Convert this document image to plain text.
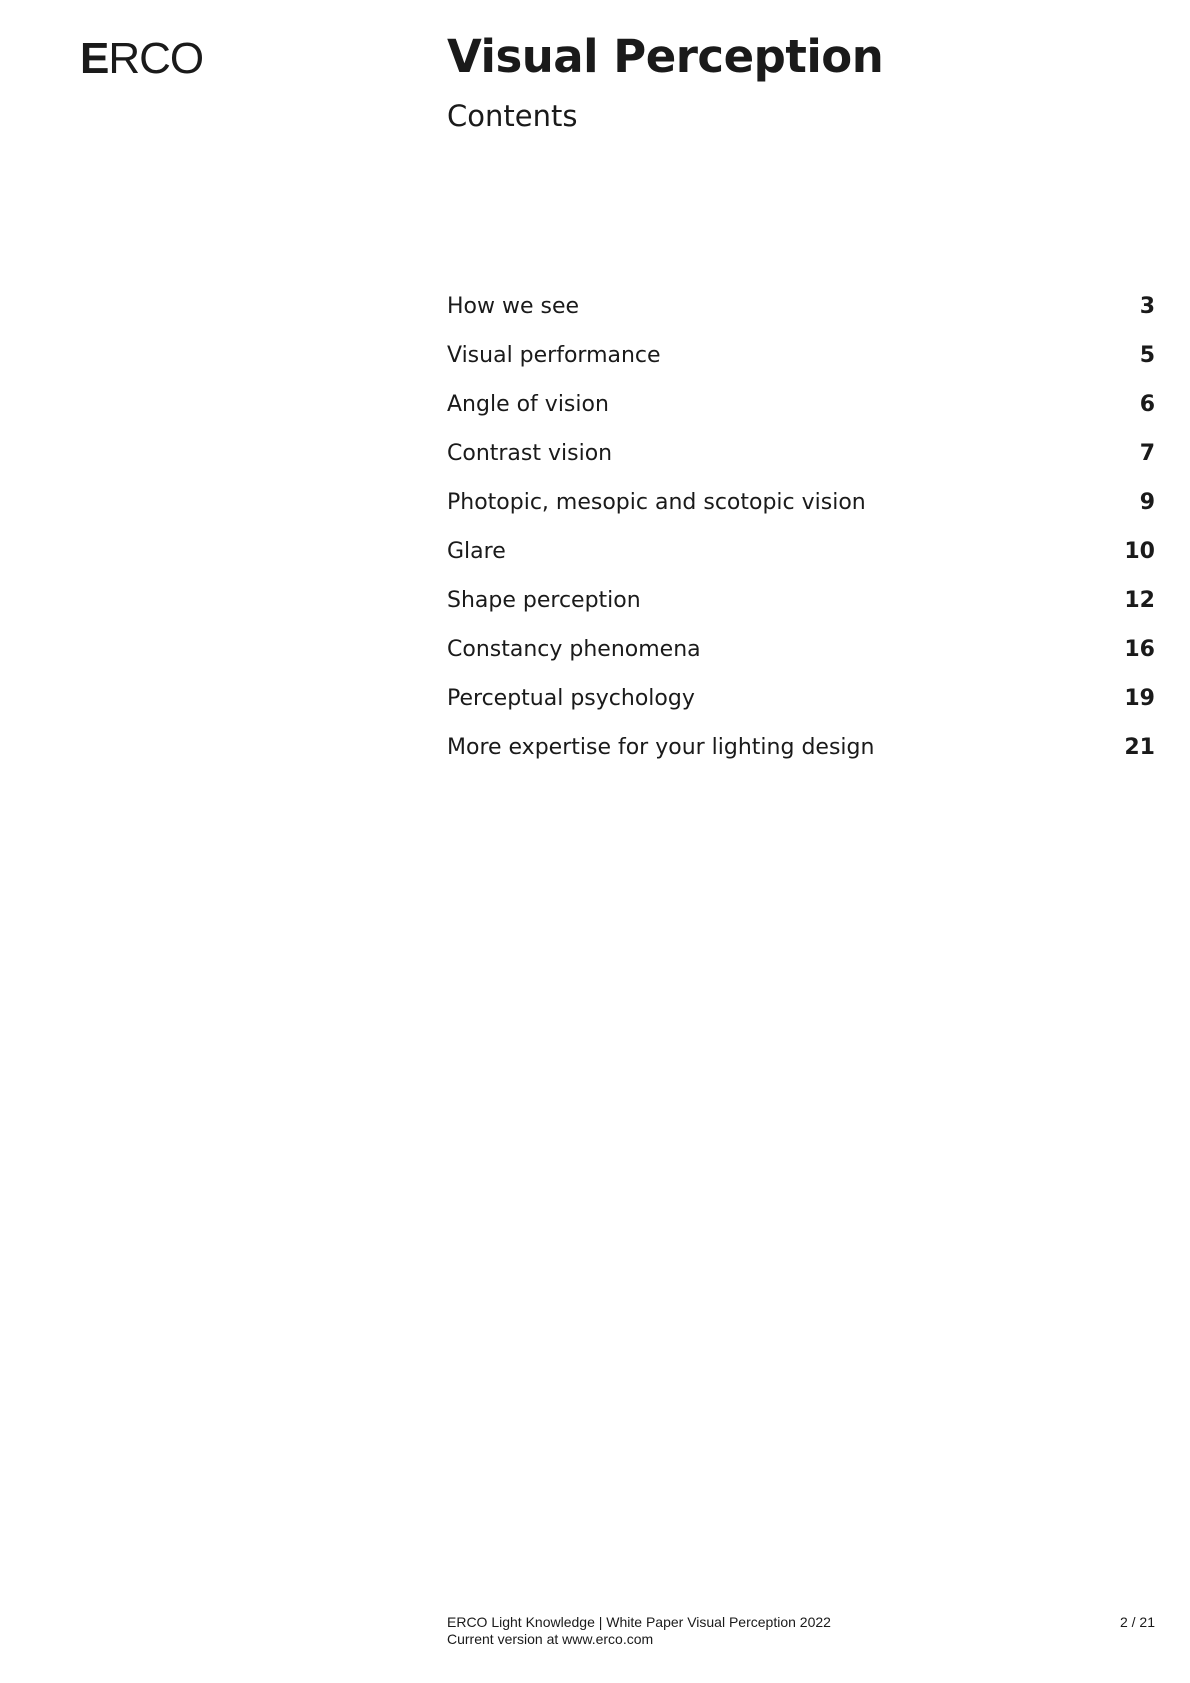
ERCO	Visual Perception
Contents
How we see	3
Visual performance	5
Angle of vision	6
Contrast vision	7
Photopic, mesopic and scotopic vision	9
Glare	10
Shape perception	12
Constancy phenomena	16
Perceptual psychology	19
More expertise for your lighting design	21
ERCO Light Knowledge | White Paper Visual Perception 2022
Current version at www.erco.com
2 / 21
